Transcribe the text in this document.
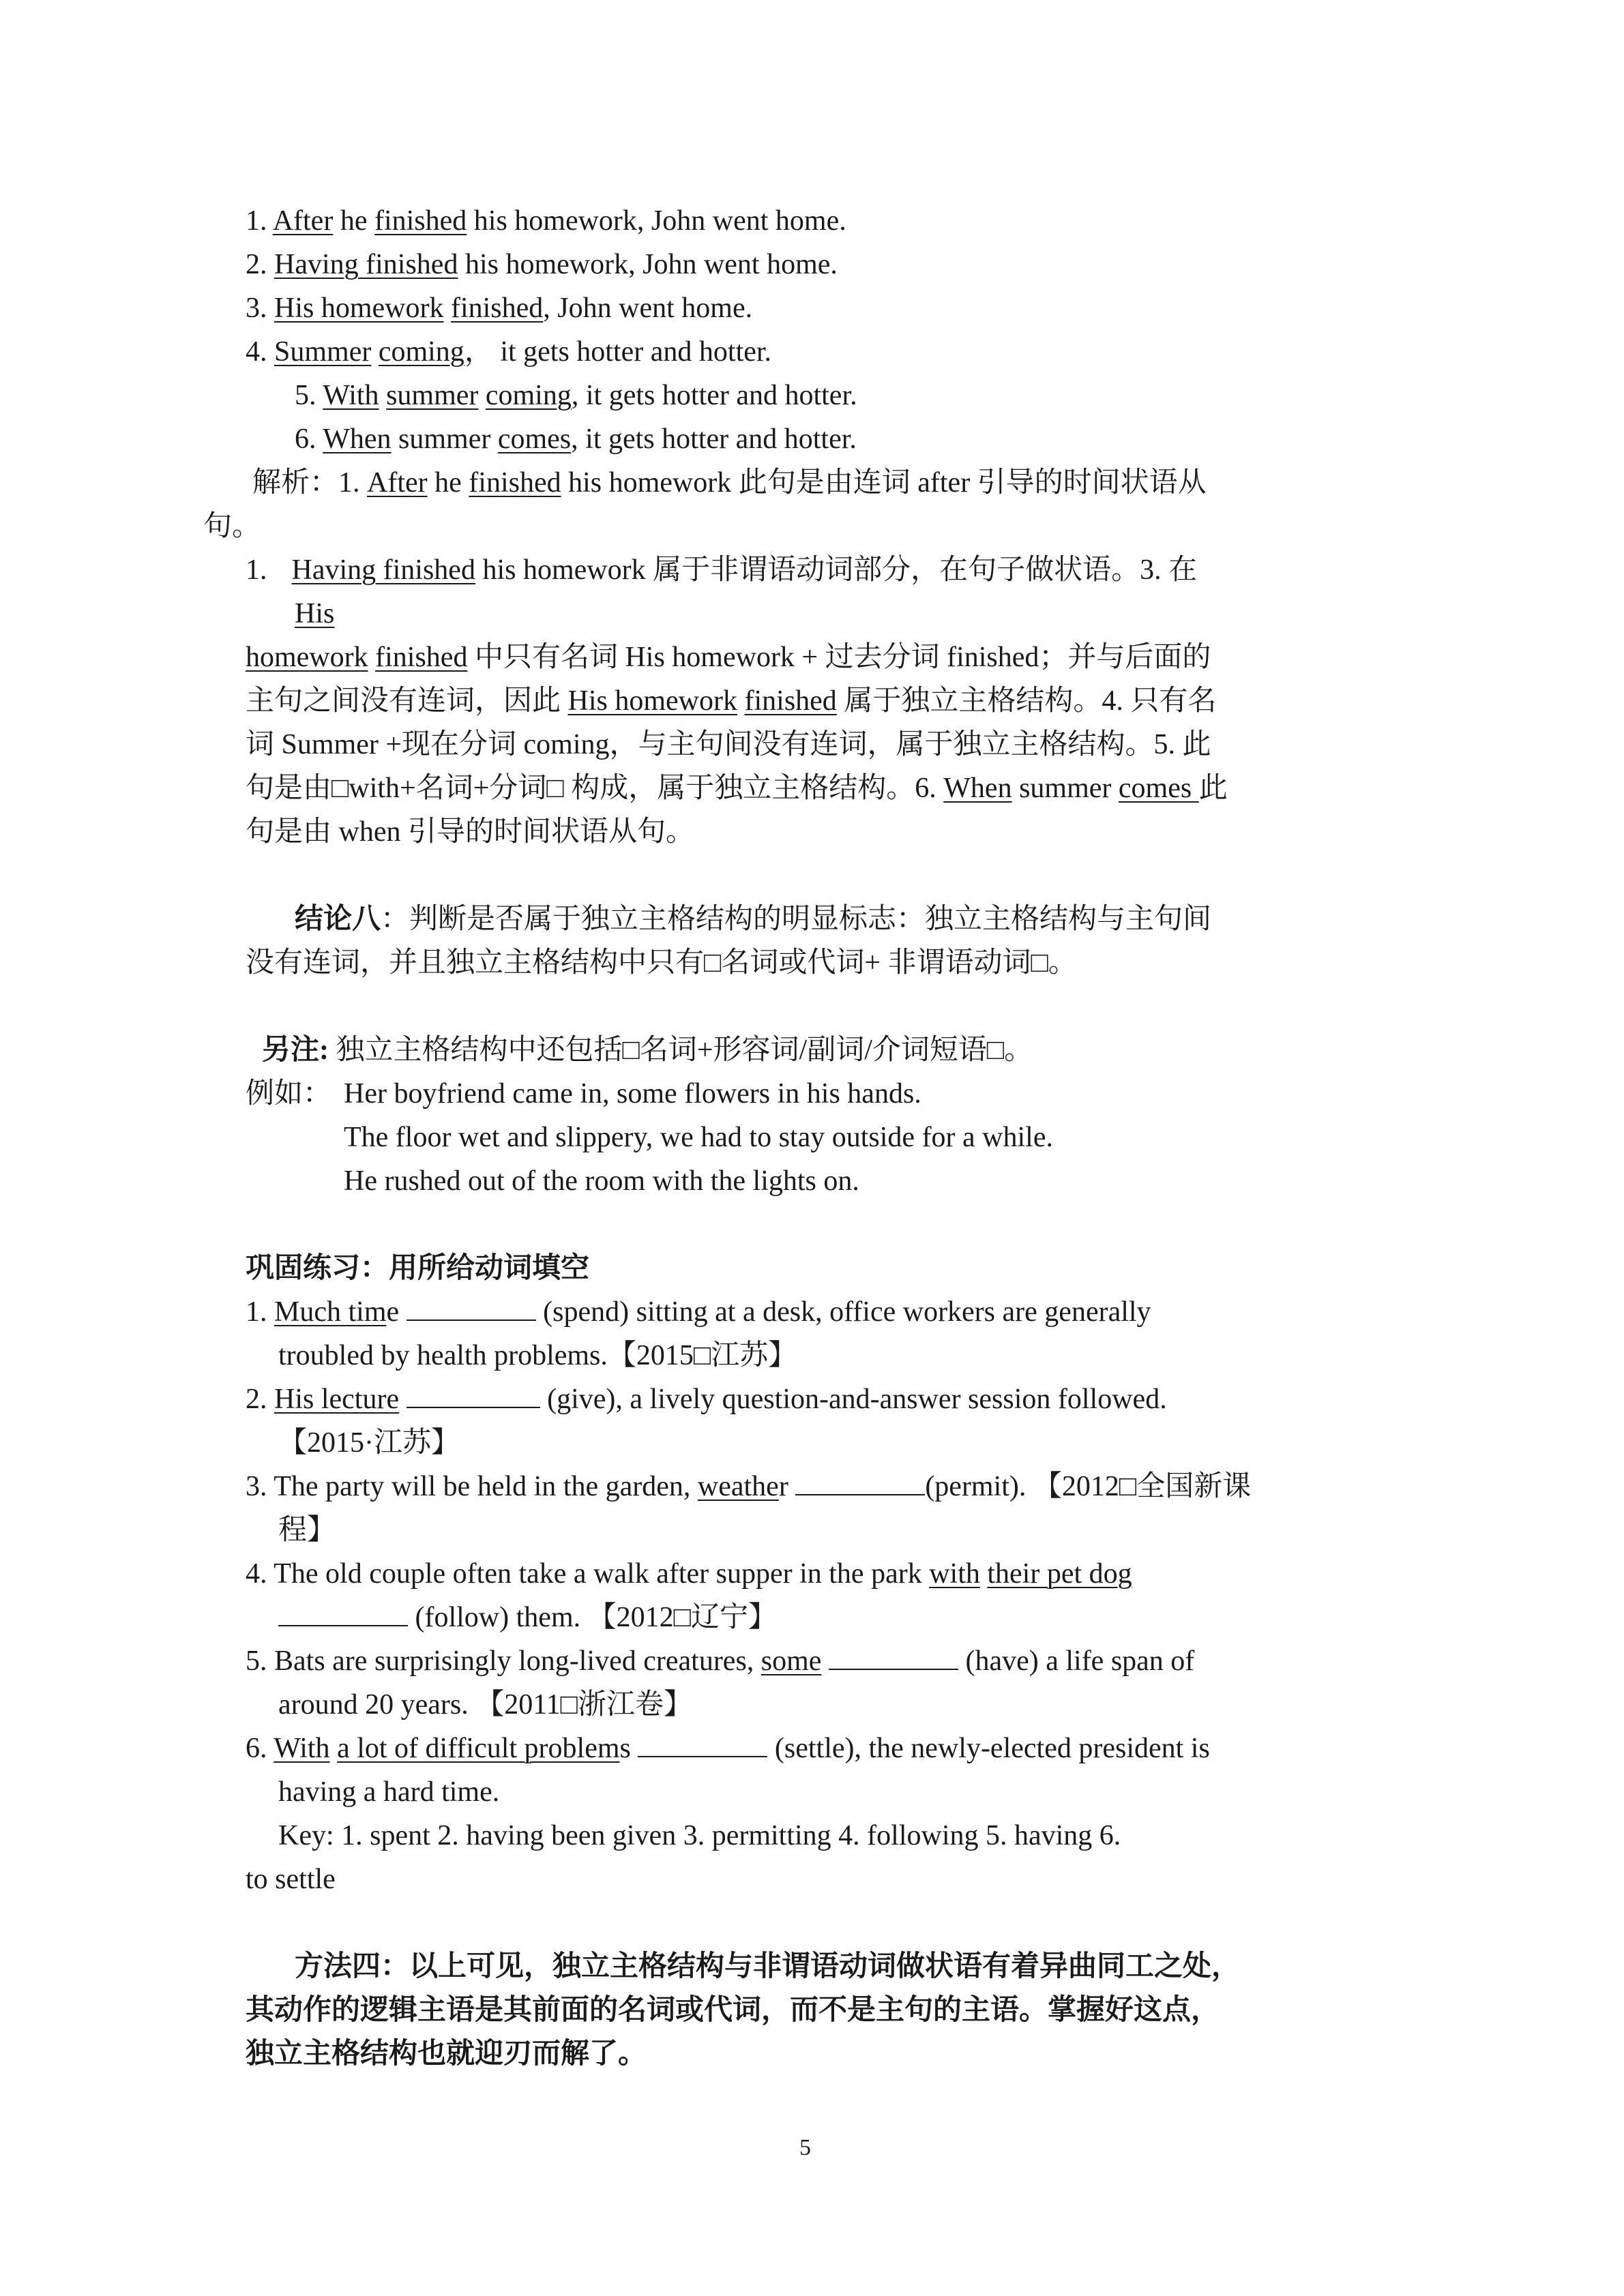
1. After he finished his homework, John went home.
2. Having finished his homework, John went home.
3. His homework finished, John went home.
4. Summer coming， it gets hotter and hotter.
5. With summer coming, it gets hotter and hotter.
6. When summer comes, it gets hotter and hotter.
解析：1. After he finished his homework 此句是由连词 after 引导的时间状语从
句。
1. Having finished his homework 属于非谓语动词部分，在句子做状语。3. 在
His
homework finished 中只有名词 His homework + 过去分词 finished；并与后面的
主句之间没有连词，因此 His homework finished 属于独立主格结构。4. 只有名
词 Summer +现在分词 coming，与主句间没有连词，属于独立主格结构。5. 此
句是由□with+名词+分词□ 构成，属于独立主格结构。6. When summer comes 此
句是由 when 引导的时间状语从句。
结论八：判断是否属于独立主格结构的明显标志：独立主格结构与主句间
没有连词，并且独立主格结构中只有□名词或代词+ 非谓语动词□。
另注: 独立主格结构中还包括□名词+形容词/副词/介词短语□。
例如： Her boyfriend came in, some flowers in his hands.
The floor wet and slippery, we had to stay outside for a while.
He rushed out of the room with the lights on.
巩固练习：用所给动词填空
1. Much time	(spend) sitting at a desk, office workers are generally
troubled by health problems.【2015□江苏】
2. His lecture	(give), a lively question-and-answer session followed.
【2015·江苏】
3. The party will be held in the garden, weather	(permit). 【2012□全国新课
程】
4. The old couple often take a walk after supper in the park with their pet dog
(follow) them. 【2012□辽宁】
5. Bats are surprisingly long-lived creatures, some	(have) a life span of
around 20 years. 【2011□浙江卷】
6. With a lot of difficult problems	(settle), the newly-elected president is
having a hard time.
Key: 1. spent 2. having been given 3. permitting 4. following 5. having 6.
to settle
方法四：以上可见，独立主格结构与非谓语动词做状语有着异曲同工之处，
其动作的逻辑主语是其前面的名词或代词，而不是主句的主语。掌握好这点，
独立主格结构也就迎刃而解了。
5
